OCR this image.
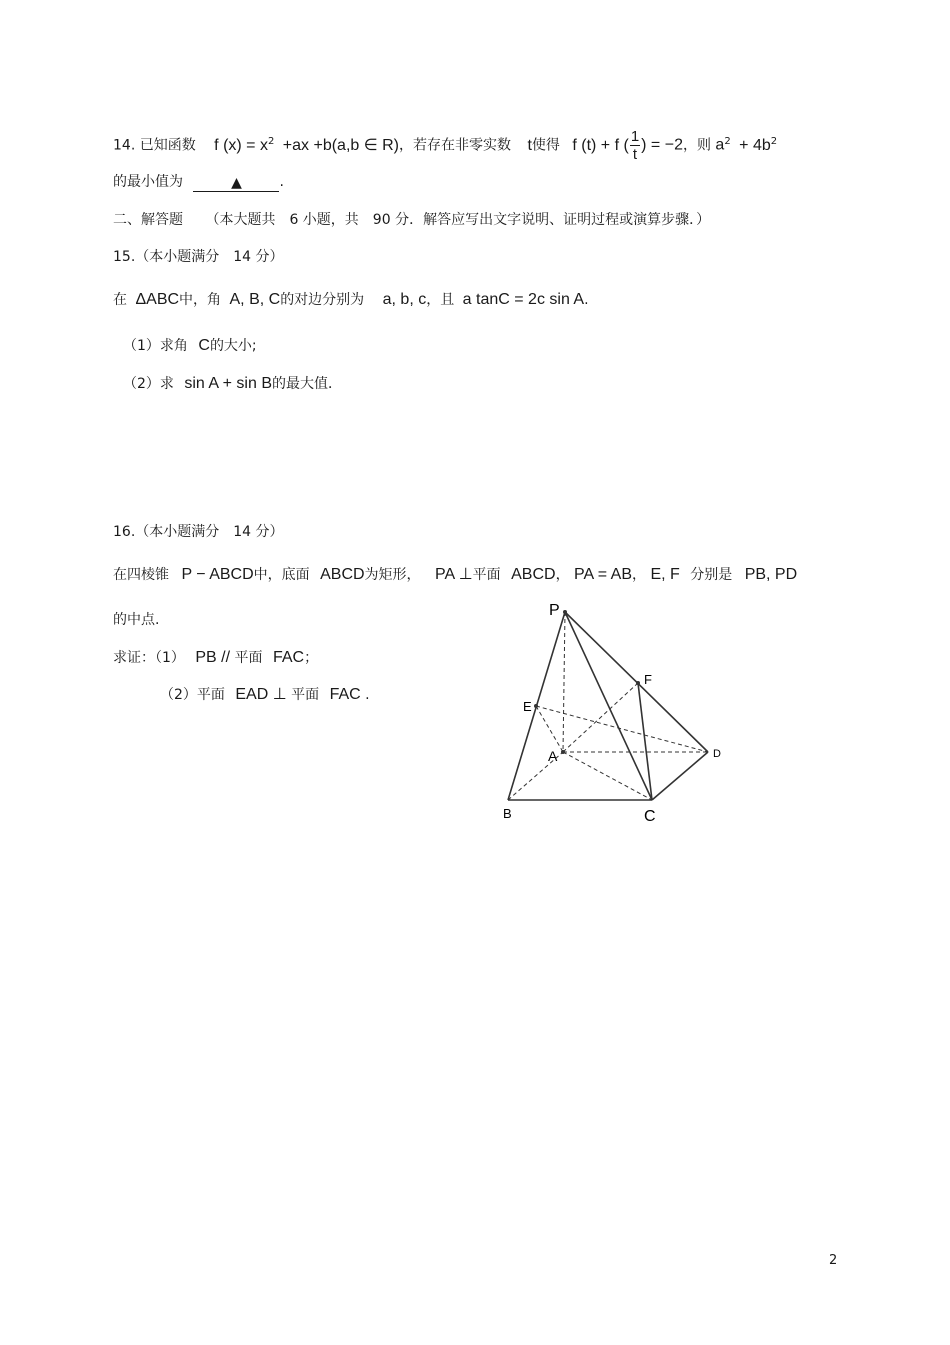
14. 已知函数 f $(x) = x^2 +ax +b(a,b$ ∈ R)，若存在非零实数 t使得 f (t) + f ( $\frac{1}{t}$ ) = −2，则 $a^2 + 4b^2$
的最小值为	▲	.
二、解答题 （本大题共　6 小题，共　90 分．解答应写出文字说明、证明过程或演算步骤．）
15.（本小题满分　14 分）
在 ΔABC中，角 A, B, C的对边分别为 a, b, c，且 a tanC = 2c sin A.
（1）求角 C的大小;
（2）求 sin A + sin B的最大值．
16.（本小题满分　14 分）
在四棱锥 P − ABCD中，底面 ABCD为矩形， PA ⊥平面 ABCD， PA = AB， E, F 分别是 PB, PD
的中点.
求证：（1） PB // 平面 FAC；
（2）平面 EAD ⊥ 平面 FAC .
P
F
E
A	D
B	C
2
